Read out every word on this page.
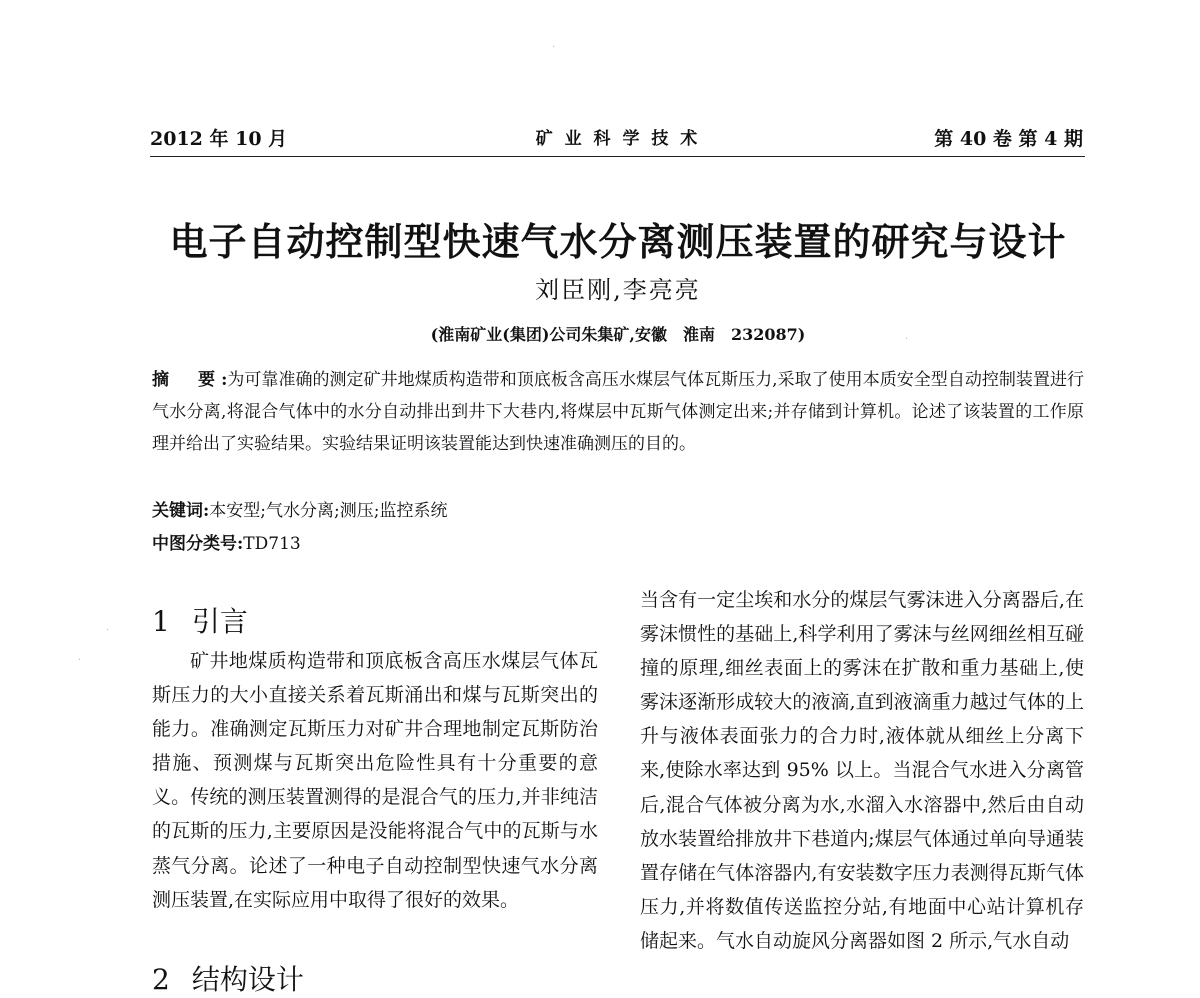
2012 年 10 月	矿 业 科 学 技 术	第 40 卷 第 4 期
电子自动控制型快速气水分离测压装置的研究与设计
刘臣刚,李亮亮
(淮南矿业(集团)公司朱集矿,安徽　淮南　232087)
摘　要:为可靠准确的测定矿井地煤质构造带和顶底板含高压水煤层气体瓦斯压力,采取了使用本质安全型自动控制装置进行气水分离,将混合气体中的水分自动排出到井下大巷内,将煤层中瓦斯气体测定出来;并存储到计算机。论述了该装置的工作原理并给出了实验结果。实验结果证明该装置能达到快速准确测压的目的。
关键词:本安型;气水分离;测压;监控系统
中图分类号:TD713
1 引言
矿井地煤质构造带和顶底板含高压水煤层气体瓦斯压力的大小直接关系着瓦斯涌出和煤与瓦斯突出的能力。准确测定瓦斯压力对矿井合理地制定瓦斯防治措施、预测煤与瓦斯突出危险性具有十分重要的意义。传统的测压装置测得的是混合气的压力,并非纯洁的瓦斯的压力,主要原因是没能将混合气中的瓦斯与水蒸气分离。论述了一种电子自动控制型快速气水分离测压装置,在实际应用中取得了很好的效果。
2 结构设计
当含有一定尘埃和水分的煤层气雾沫进入分离器后,在雾沫惯性的基础上,科学利用了雾沫与丝网细丝相互碰撞的原理,细丝表面上的雾沫在扩散和重力基础上,使雾沫逐渐形成较大的液滴,直到液滴重力越过气体的上升与液体表面张力的合力时,液体就从细丝上分离下来,使除水率达到 95% 以上。当混合气水进入分离管后,混合气体被分离为水,水溜入水溶器中,然后由自动放水装置给排放井下巷道内;煤层气体通过单向导通装置存储在气体溶器内,有安装数字压力表测得瓦斯气体压力,并将数值传送监控分站,有地面中心站计算机存储起来。气水自动旋风分离器如图 2 所示,气水自动
·
·
·
·
